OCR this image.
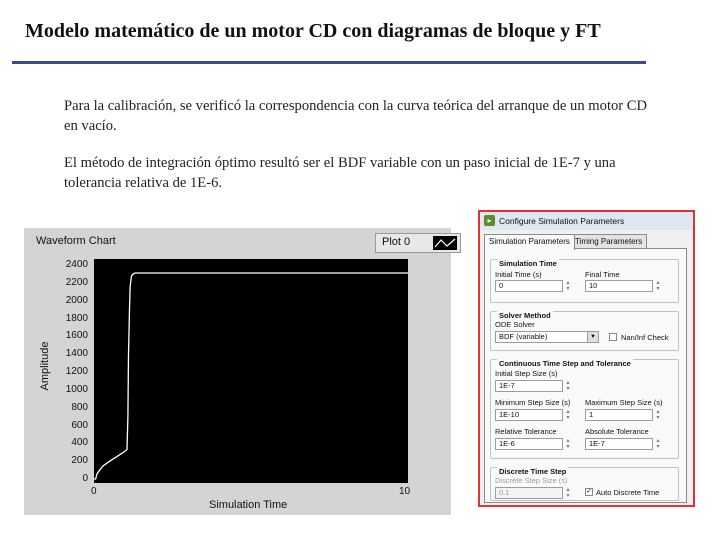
Modelo matemático de un motor CD con diagramas de bloque y FT
Para la calibración, se verificó la correspondencia con la curva teórica del arranque de un motor CD en vacío.
El método de integración óptimo resultó ser el BDF variable con un paso inicial de 1E-7 y una tolerancia relativa de 1E-6.
Waveform Chart	Plot 0
Amplitude
2400
2200
2000
1800
1600
1400
1200
1000
800
600
400
200
0
0	10
Simulation Time
▸ Configure Simulation Parameters
Simulation Parameters Timing Parameters
Simulation Time
Initial Time (s)
0	▴
▾
Final Time
10	▴
▾
Solver Method
ODE Solver
BDF (variable)	▼	Nan/Inf Check
Continuous Time Step and Tolerance
Initial Step Size (s)
1E-7	▴
▾
Minimum Step Size (s)
1E-10	▴
▾
Maximum Step Size (s)
1	▴
▾
Relative Tolerance
1E-6	▴
▾
Absolute Tolerance
1E-7	▴
▾
Discrete Time Step
Discrete Step Size (s)
0.1	▴
▾
✓ Auto Discrete Time
